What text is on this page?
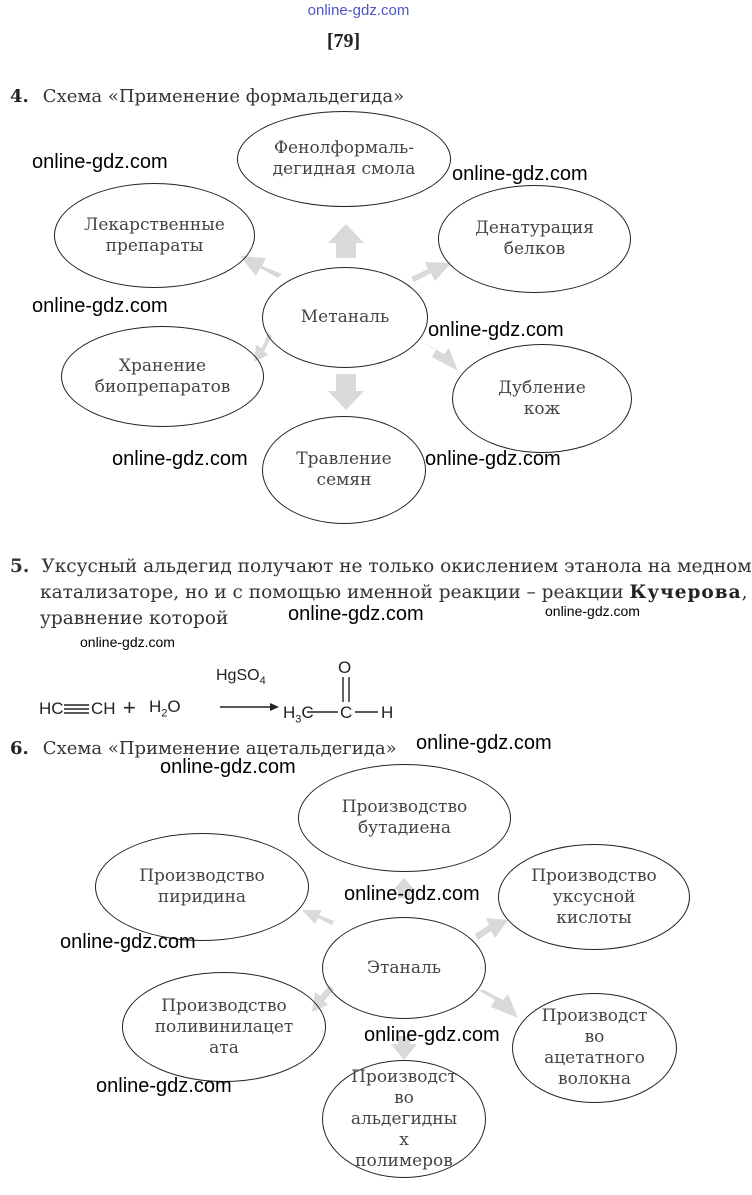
online-gdz.com
[79]
4. Схема «Применение формальдегида»
Фенолформаль-
дегидная смола
Лекарственные
препараты
Денатурация
белков
Метаналь
Хранение
биопрепаратов	Дубление
кож
Травление
семян
5. Уксусный альдегид получают не только окислением этанола на медном
катализаторе, но и с помощью именной реакции – реакции Кучерова,
уравнение которой
HC CH + $H_2O$
HgSO$_4$
O
$H_3C$ C H
6. Схема «Применение ацетальдегида»
Производство
бутадиена
Производство
пиридина
Производство
уксусной
кислоты
Этаналь
Производство
поливинилацет
ата
Производст
во
ацетатного
волокна
Производст
во
альдегидны
х
полимеров
online-gdz.com
online-gdz.com
online-gdz.com
online-gdz.com
online-gdz.com	online-gdz.com
online-gdz.com	online-gdz.com
online-gdz.com
online-gdz.com
online-gdz.com
online-gdz.com
online-gdz.com
online-gdz.com
online-gdz.com
